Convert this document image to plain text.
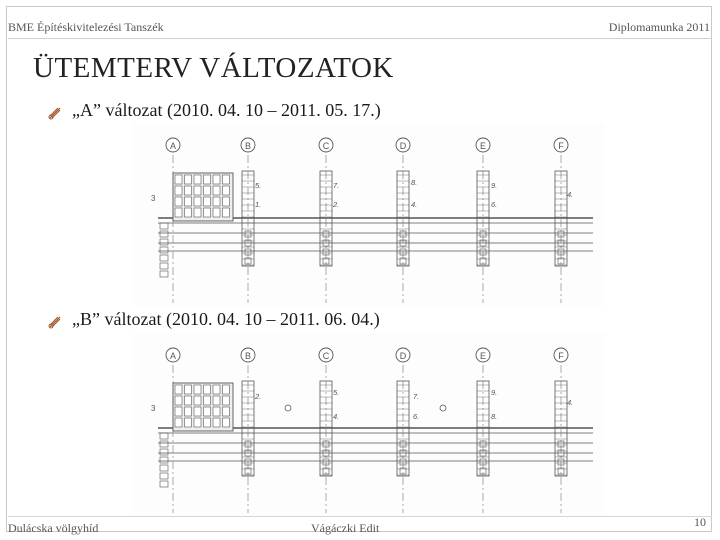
BME Építéskivitelezési Tanszék	Diplomamunka 2011
ÜTEMTERV VÁLTOZATOK
„A” változat (2010. 04. 10 – 2011. 05. 17.)
A	B	C	D	E	F
3
5.
1.
7.
2.
8.
4.
9.
6.
4.
„B” változat (2010. 04. 10 – 2011. 06. 04.)
A	B	C	D	E	F
3
2.	5.
4.
7.
6.
9.
8.
4.
Dulácska völgyhíd	Vágáczki Edit	10
